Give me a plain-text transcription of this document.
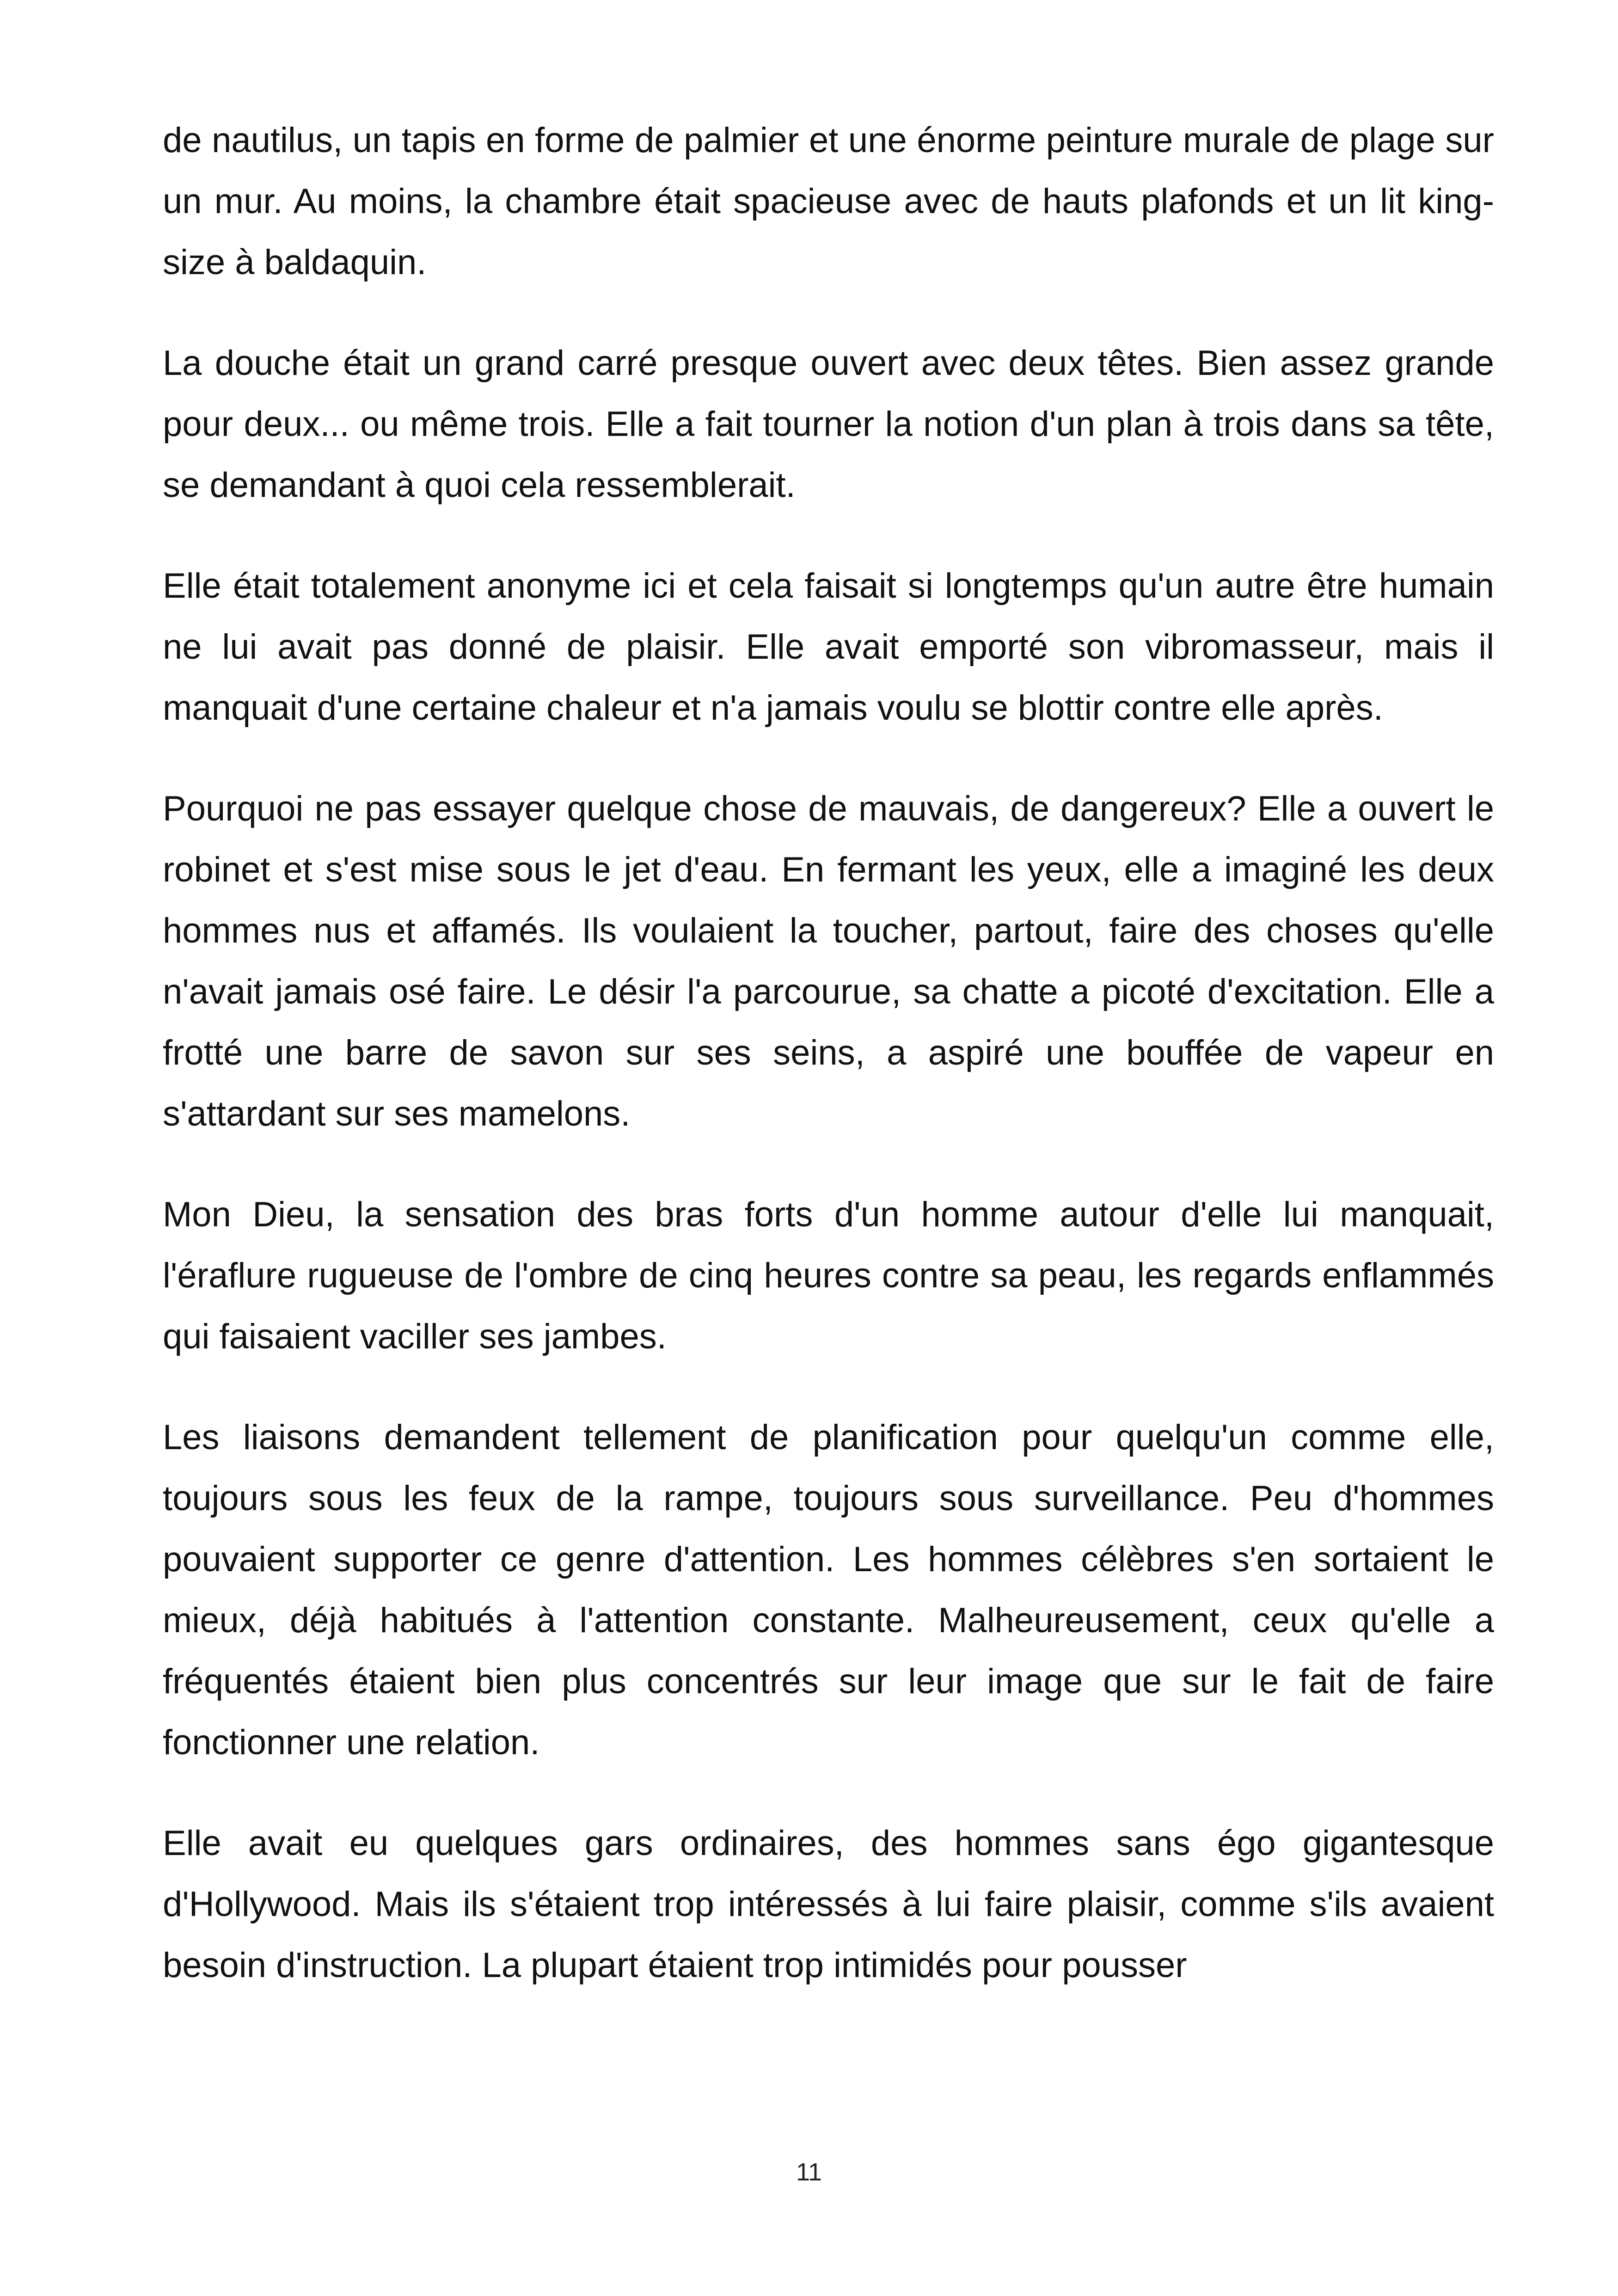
de nautilus, un tapis en forme de palmier et une énorme peinture murale de plage sur un mur. Au moins, la chambre était spacieuse avec de hauts plafonds et un lit king-size à baldaquin.

La douche était un grand carré presque ouvert avec deux têtes. Bien assez grande pour deux... ou même trois. Elle a fait tourner la notion d'un plan à trois dans sa tête, se demandant à quoi cela ressemblerait.

Elle était totalement anonyme ici et cela faisait si longtemps qu'un autre être humain ne lui avait pas donné de plaisir. Elle avait emporté son vibromasseur, mais il manquait d'une certaine chaleur et n'a jamais voulu se blottir contre elle après.

Pourquoi ne pas essayer quelque chose de mauvais, de dangereux? Elle a ouvert le robinet et s'est mise sous le jet d'eau. En fermant les yeux, elle a imaginé les deux hommes nus et affamés. Ils voulaient la toucher, partout, faire des choses qu'elle n'avait jamais osé faire. Le désir l'a parcourue, sa chatte a picoté d'excitation. Elle a frotté une barre de savon sur ses seins, a aspiré une bouffée de vapeur en s'attardant sur ses mamelons.

Mon Dieu, la sensation des bras forts d'un homme autour d'elle lui manquait, l'éraflure rugueuse de l'ombre de cinq heures contre sa peau, les regards enflammés qui faisaient vaciller ses jambes.

Les liaisons demandent tellement de planification pour quelqu'un comme elle, toujours sous les feux de la rampe, toujours sous surveillance. Peu d'hommes pouvaient supporter ce genre d'attention. Les hommes célèbres s'en sortaient le mieux, déjà habitués à l'attention constante. Malheureusement, ceux qu'elle a fréquentés étaient bien plus concentrés sur leur image que sur le fait de faire fonctionner une relation.

Elle avait eu quelques gars ordinaires, des hommes sans égo gigantesque d'Hollywood. Mais ils s'étaient trop intéressés à lui faire plaisir, comme s'ils avaient besoin d'instruction. La plupart étaient trop intimidés pour pousser

11
